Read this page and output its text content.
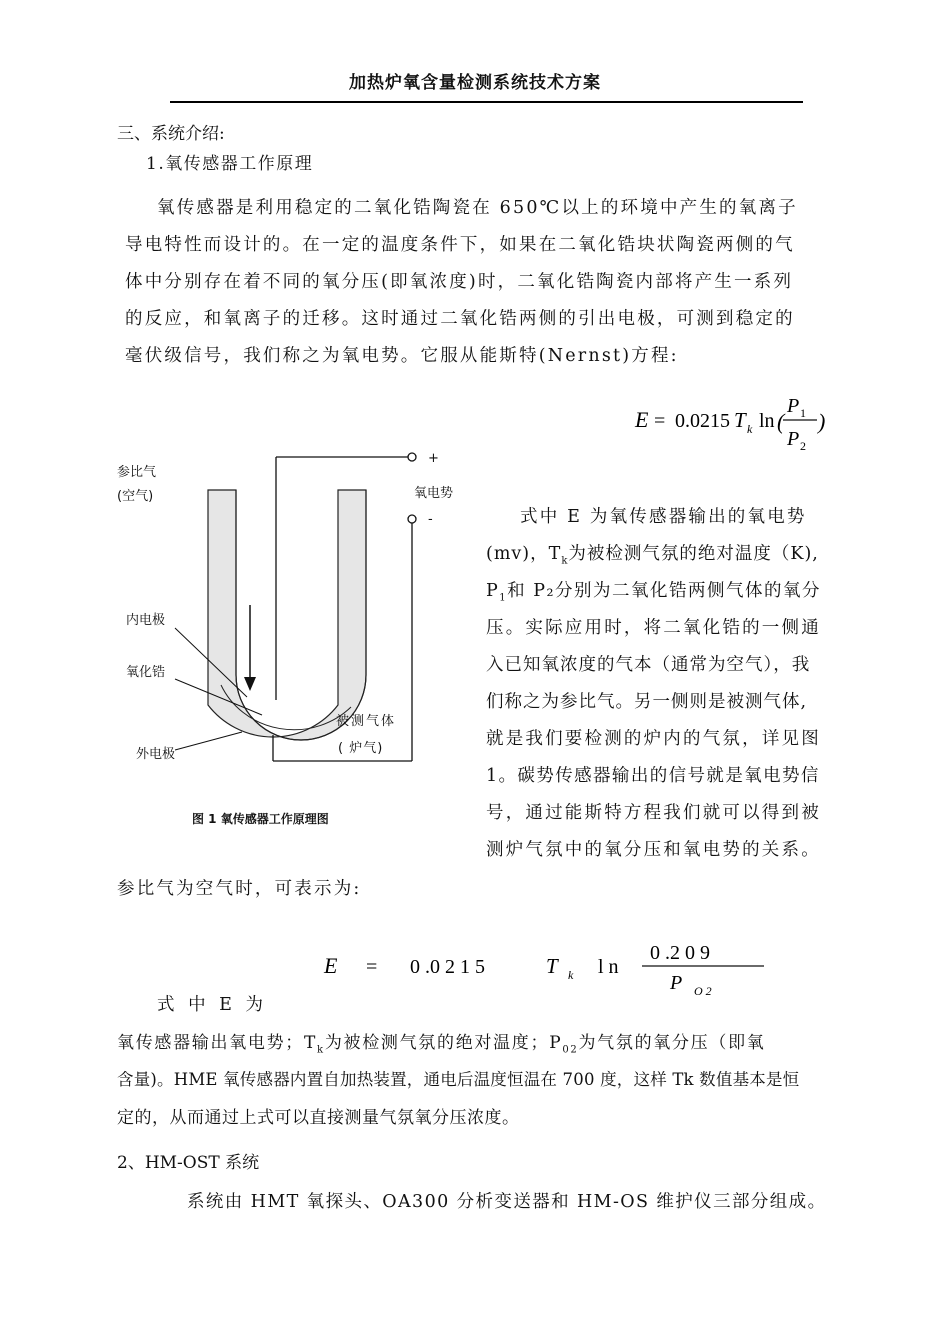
加热炉氧含量检测系统技术方案
三、系统介绍:
1.氧传感器工作原理
氧传感器是利用稳定的二氧化锆陶瓷在 650℃以上的环境中产生的氧离子
导电特性而设计的。在一定的温度条件下，如果在二氧化锆块状陶瓷两侧的气
体中分别存在着不同的氧分压(即氧浓度)时，二氧化锆陶瓷内部将产生一系列
的反应，和氧离子的迁移。这时通过二氧化锆两侧的引出电极，可测到稳定的
毫伏级信号，我们称之为氧电势。它服从能斯特(Nernst)方程:
E = 0.0215 T k ln (
P 1
P 2
)
参比气
(空气)
+
氧电势
-
内电极
氧化锆
被测气体
( 炉气)
外电极
图 1 氧传感器工作原理图
式中 E 为氧传感器输出的氧电势
(mv)，$T_k$为被检测气氛的绝对温度（K),
$P_1$和 P₂分别为二氧化锆两侧气体的氧分
压。实际应用时，将二氧化锆的一侧通
入已知氧浓度的气本（通常为空气），我
们称之为参比气。另一侧则是被测气体,
就是我们要检测的炉内的气氛，详见图
1。碳势传感器输出的信号就是氧电势信
号，通过能斯特方程我们就可以得到被
测炉气氛中的氧分压和氧电势的关系。
参比气为空气时，可表示为:
E = 0 .0 2 1 5	T k l n
0 .2 0 9
P O 2
式 中 E 为
氧传感器输出氧电势；$T_k$为被检测气氛的绝对温度；$P_{02}$为气氛的氧分压（即氧
含量)。HME 氧传感器内置自加热装置，通电后温度恒温在 700 度，这样 Tk 数值基本是恒
定的，从而通过上式可以直接测量气氛氧分压浓度。
2、HM-OST 系统
系统由 HMT 氧探头、OA300 分析变送器和 HM-OS 维护仪三部分组成。
